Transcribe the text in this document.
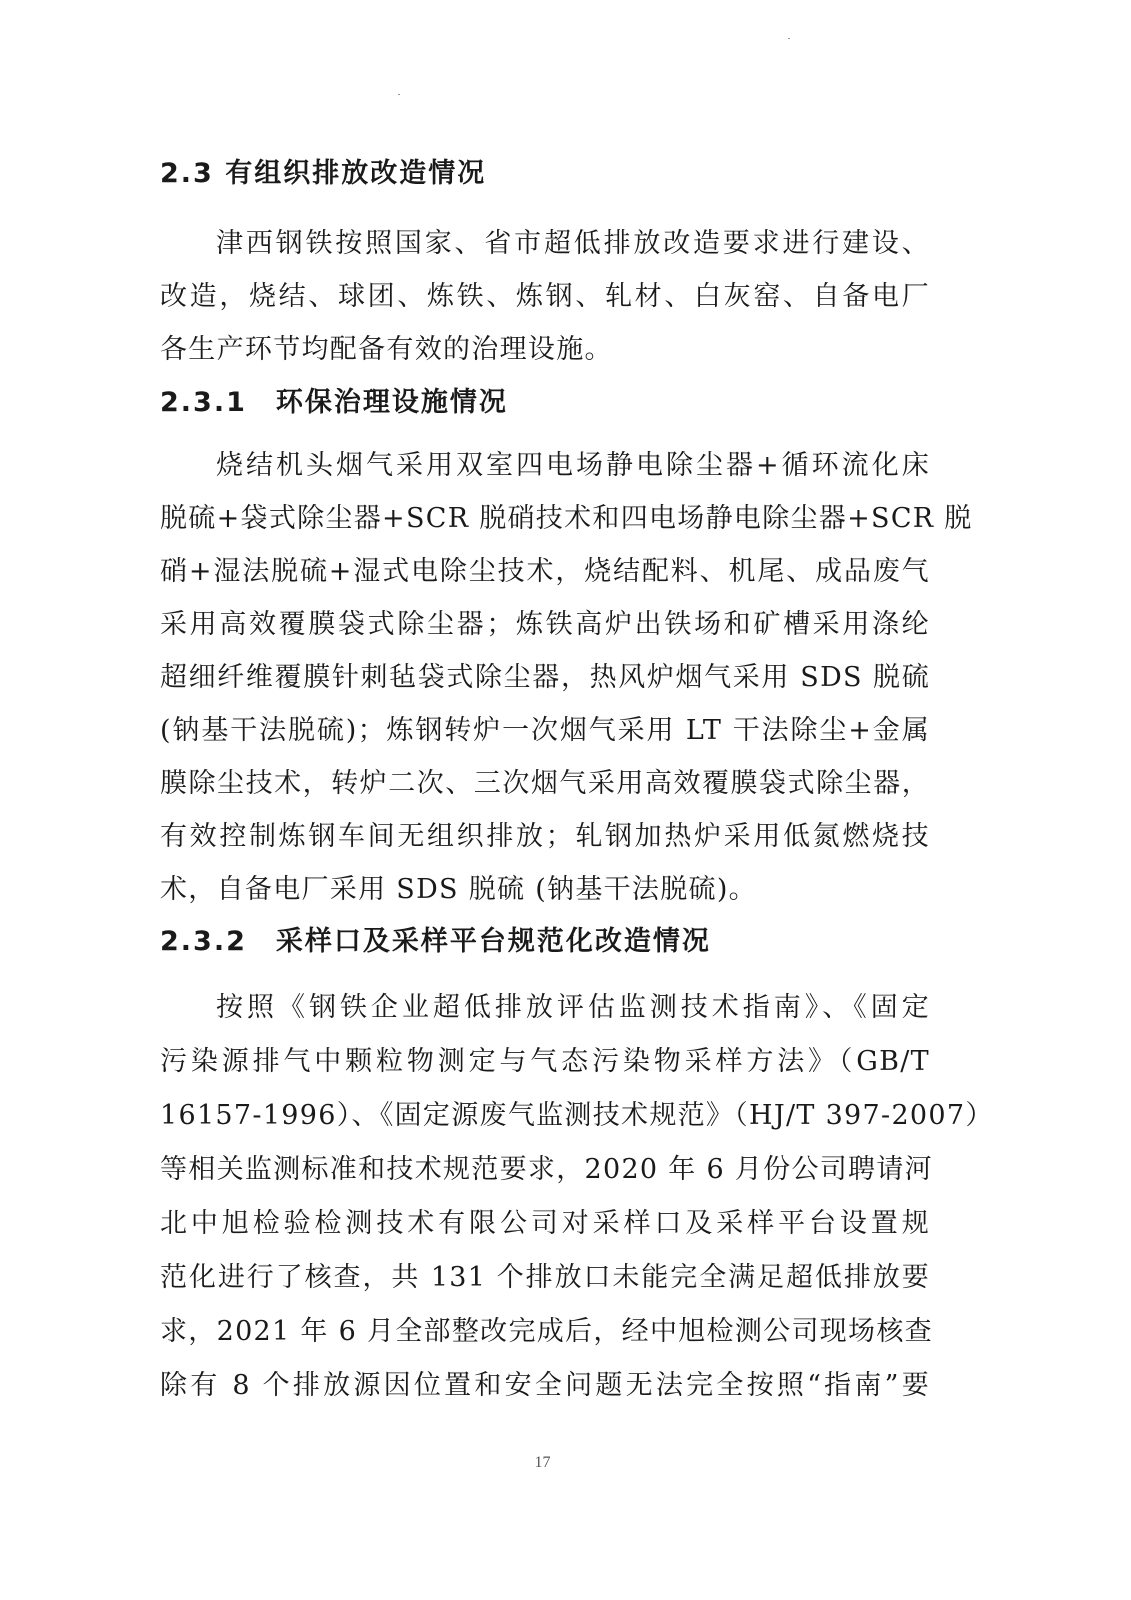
2.3 有组织排放改造情况
津西钢铁按照国家、省市超低排放改造要求进行建设、
改造，烧结、球团、炼铁、炼钢、轧材、白灰窑、自备电厂
各生产环节均配备有效的治理设施。
2.3.1　环保治理设施情况
烧结机头烟气采用双室四电场静电除尘器+循环流化床
脱硫+袋式除尘器+SCR 脱硝技术和四电场静电除尘器+SCR 脱
硝+湿法脱硫+湿式电除尘技术，烧结配料、机尾、成品废气
采用高效覆膜袋式除尘器；炼铁高炉出铁场和矿槽采用涤纶
超细纤维覆膜针刺毡袋式除尘器，热风炉烟气采用 SDS 脱硫
(钠基干法脱硫)；炼钢转炉一次烟气采用 LT 干法除尘+金属
膜除尘技术，转炉二次、三次烟气采用高效覆膜袋式除尘器，
有效控制炼钢车间无组织排放；轧钢加热炉采用低氮燃烧技
术，自备电厂采用 SDS 脱硫 (钠基干法脱硫)。
2.3.2　采样口及采样平台规范化改造情况
按照《钢铁企业超低排放评估监测技术指南》、《固定
污染源排气中颗粒物测定与气态污染物采样方法》（GB/T
16157-1996）、《固定源废气监测技术规范》（HJ/T 397-2007）
等相关监测标准和技术规范要求，2020 年 6 月份公司聘请河
北中旭检验检测技术有限公司对采样口及采样平台设置规
范化进行了核查，共 131 个排放口未能完全满足超低排放要
求，2021 年 6 月全部整改完成后，经中旭检测公司现场核查
除有 8 个排放源因位置和安全问题无法完全按照“指南”要
17
